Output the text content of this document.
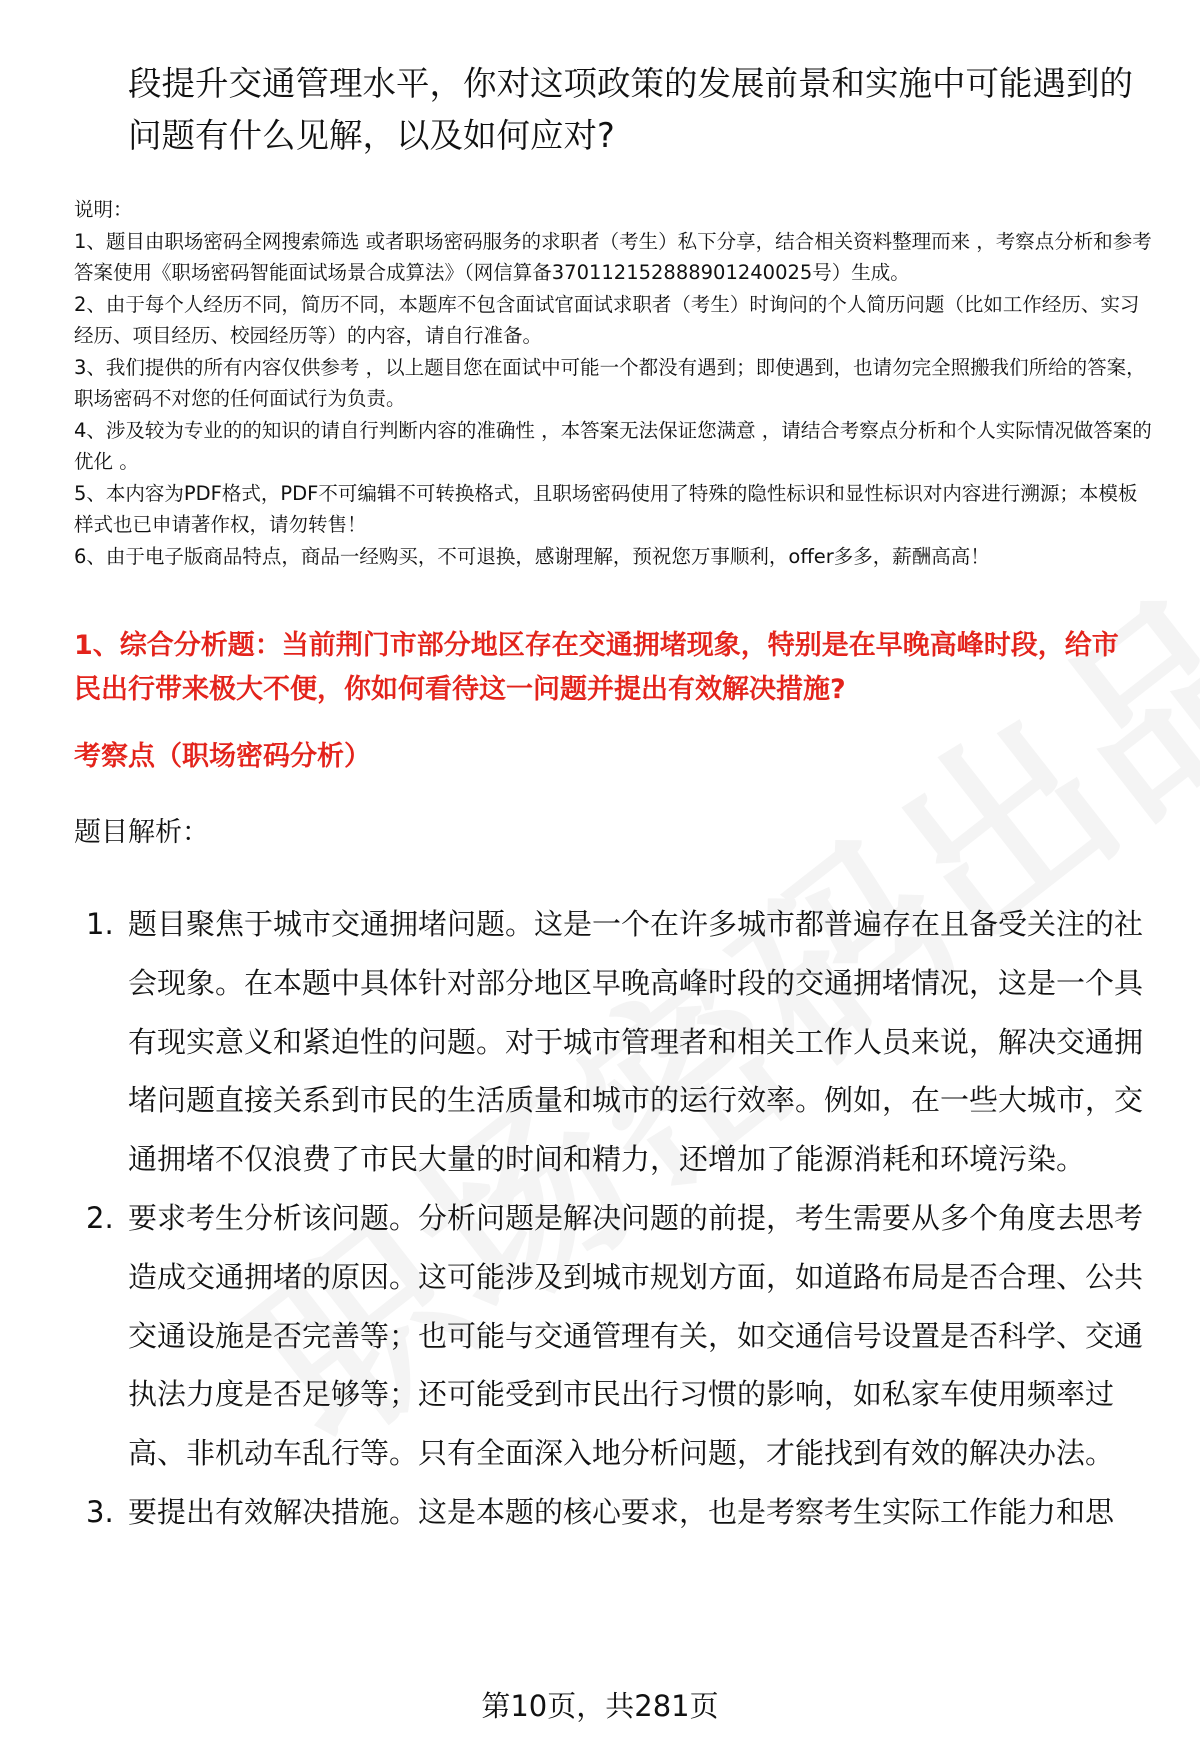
段提升交通管理水平，你对这项政策的发展前景和实施中可能遇到的问题有什么见解，以及如何应对?
说明：
1、题目由职场密码全网搜索筛选 或者职场密码服务的求职者（考生）私下分享，结合相关资料整理而来 ，考察点分析和参考答案使用《职场密码智能面试场景合成算法》（网信算备370112152888901240025号）生成。
2、由于每个人经历不同，简历不同，本题库不包含面试官面试求职者（考生）时询问的个人简历问题（比如工作经历、实习经历、项目经历、校园经历等）的内容，请自行准备。
3、我们提供的所有内容仅供参考 ，以上题目您在面试中可能一个都没有遇到；即使遇到，也请勿完全照搬我们所给的答案，职场密码不对您的任何面试行为负责。
4、涉及较为专业的的知识的请自行判断内容的准确性 ，本答案无法保证您满意 ，请结合考察点分析和个人实际情况做答案的优化 。
5、本内容为PDF格式，PDF不可编辑不可转换格式，且职场密码使用了特殊的隐性标识和显性标识对内容进行溯源；本模板样式也已申请著作权，请勿转售！
6、由于电子版商品特点，商品一经购买，不可退换，感谢理解，预祝您万事顺利，offer多多，薪酬高高！
1、综合分析题：当前荆门市部分地区存在交通拥堵现象，特别是在早晚高峰时段，给市民出行带来极大不便，你如何看待这一问题并提出有效解决措施?
考察点（职场密码分析）
题目解析：
1. 题目聚焦于城市交通拥堵问题。这是一个在许多城市都普遍存在且备受关注的社会现象。在本题中具体针对部分地区早晚高峰时段的交通拥堵情况，这是一个具有现实意义和紧迫性的问题。对于城市管理者和相关工作人员来说，解决交通拥堵问题直接关系到市民的生活质量和城市的运行效率。例如，在一些大城市，交通拥堵不仅浪费了市民大量的时间和精力，还增加了能源消耗和环境污染。
2. 要求考生分析该问题。分析问题是解决问题的前提，考生需要从多个角度去思考造成交通拥堵的原因。这可能涉及到城市规划方面，如道路布局是否合理、公共交通设施是否完善等；也可能与交通管理有关，如交通信号设置是否科学、交通执法力度是否足够等；还可能受到市民出行习惯的影响，如私家车使用频率过高、非机动车乱行等。只有全面深入地分析问题，才能找到有效的解决办法。
3. 要提出有效解决措施。这是本题的核心要求，也是考察考生实际工作能力和思
第10页，共281页
